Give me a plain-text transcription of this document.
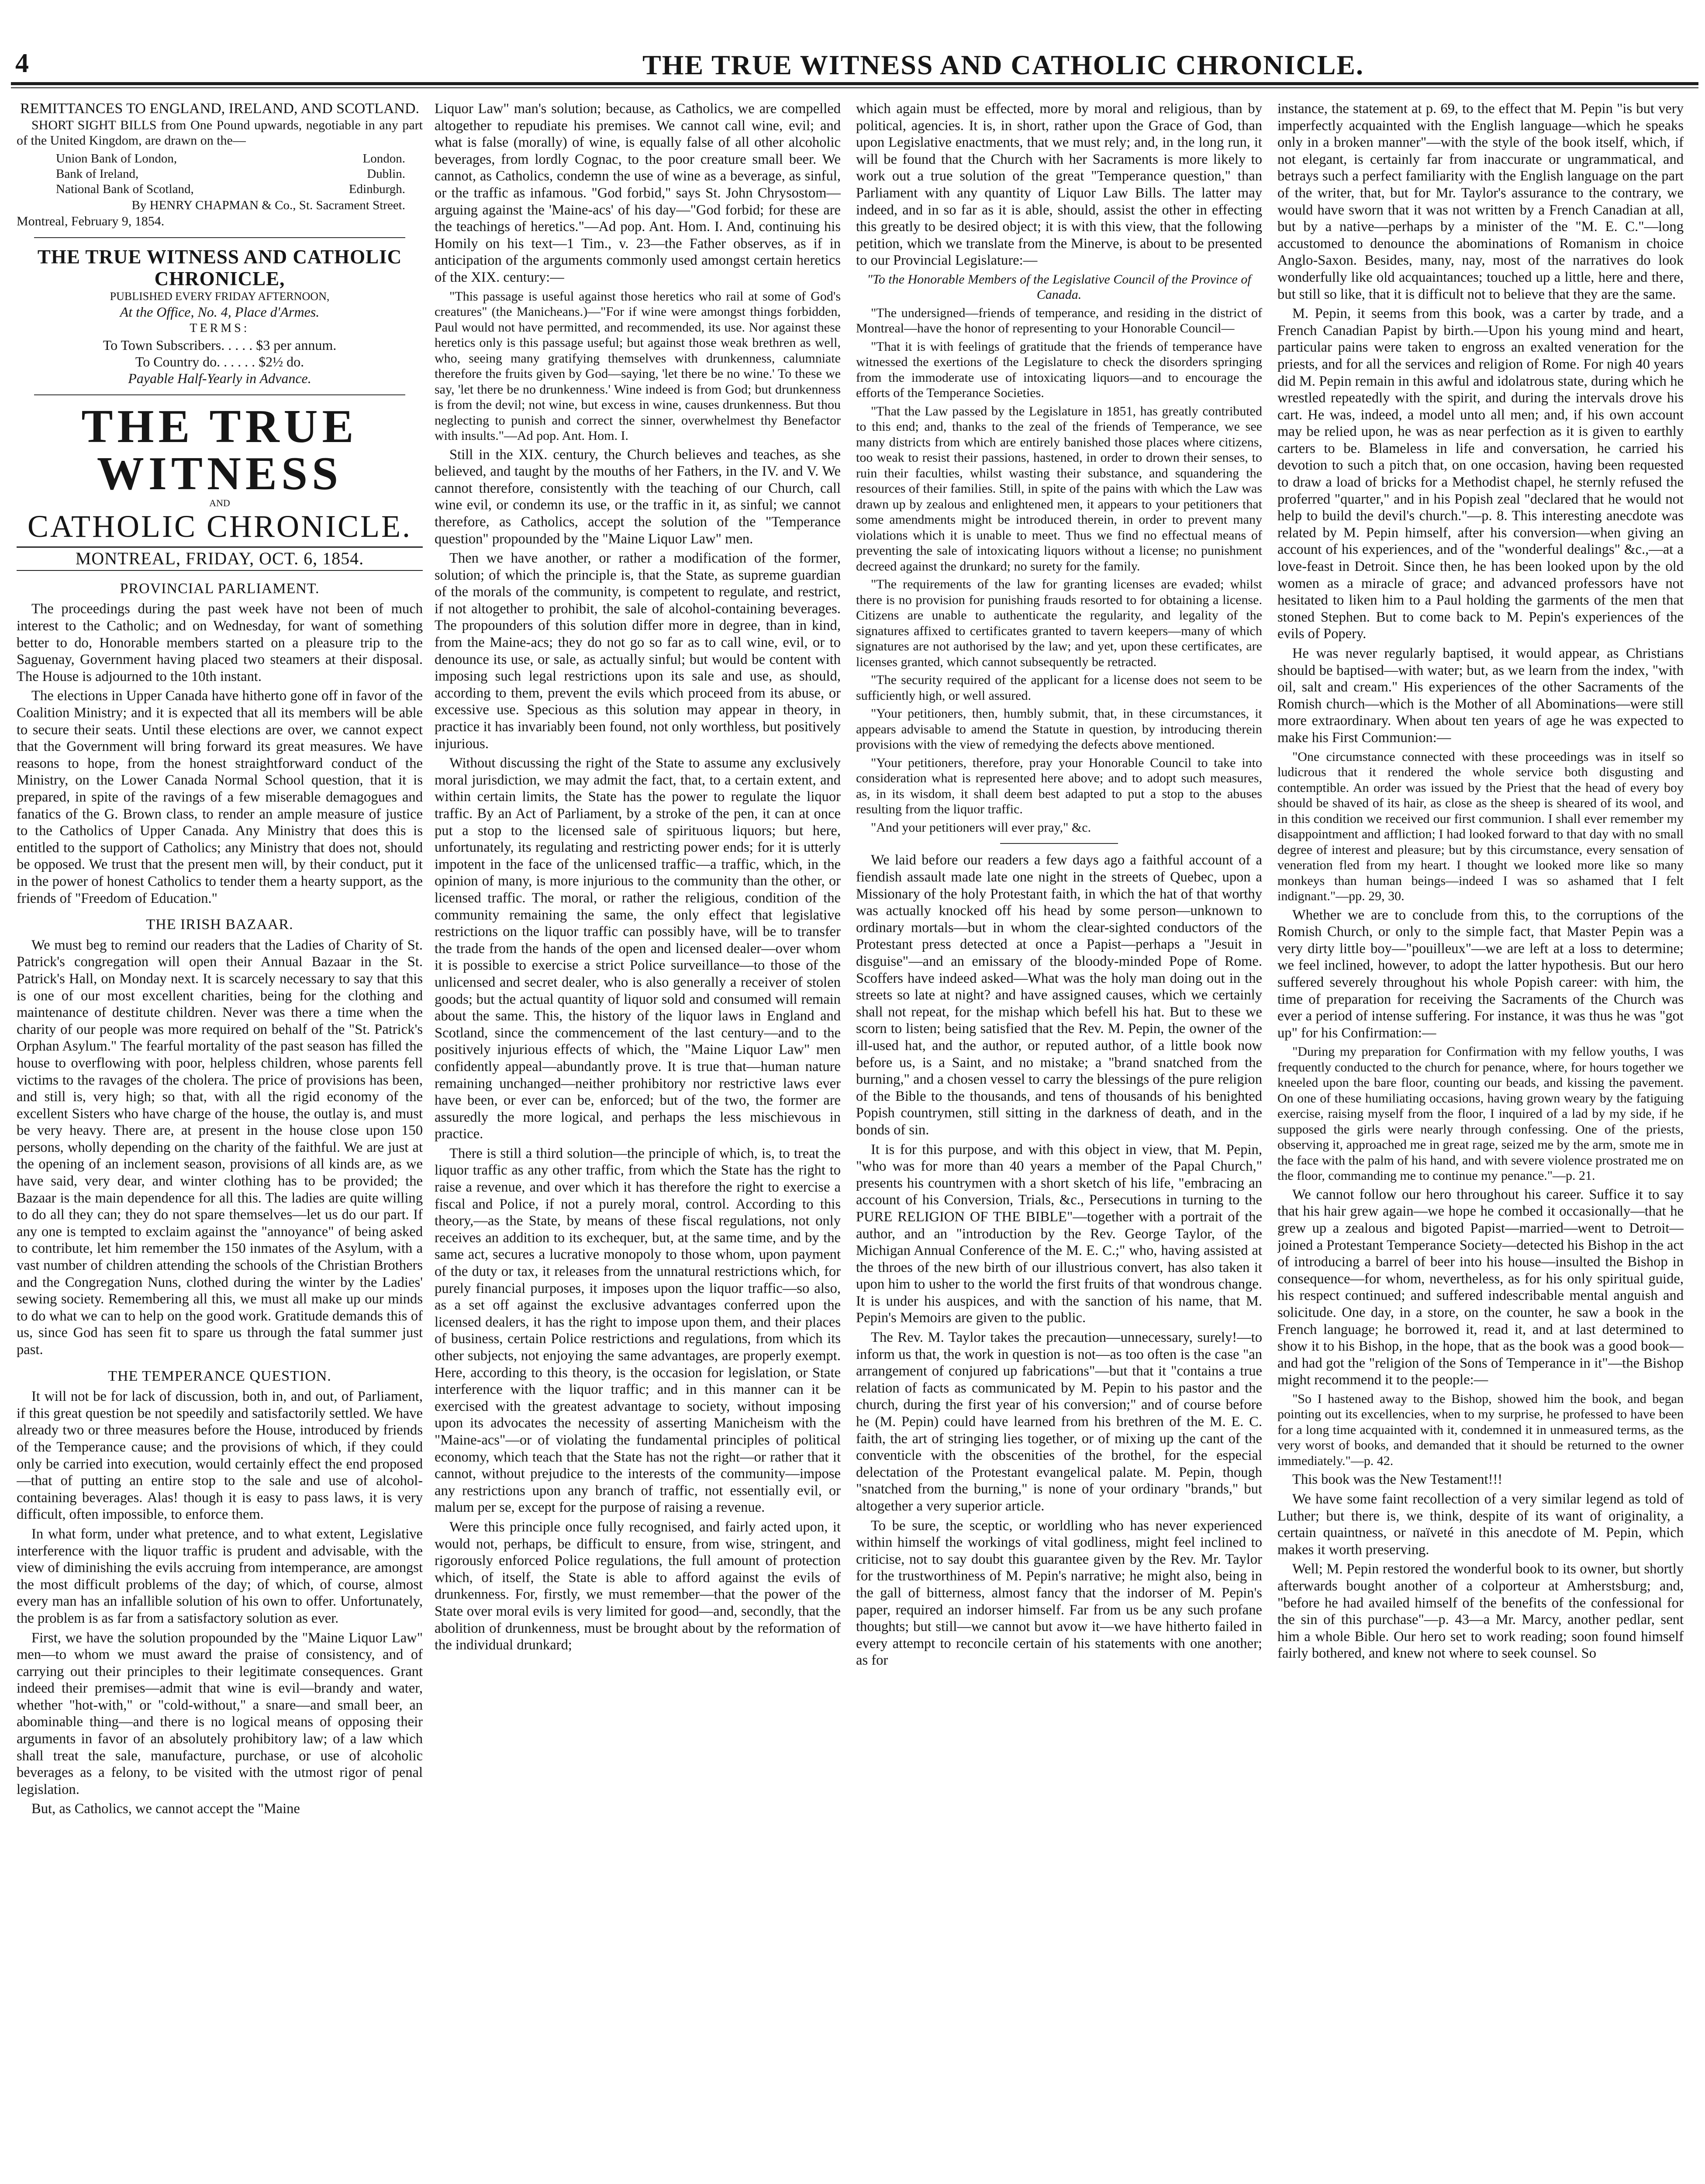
4	THE TRUE WITNESS AND CATHOLIC CHRONICLE.
REMITTANCES TO ENGLAND, IRELAND, AND SCOTLAND.

SHORT SIGHT BILLS from One Pound upwards, negotiable in any part of the United Kingdom, are drawn on the—

Union Bank of London,	London.
Bank of Ireland,	Dublin.
National Bank of Scotland,	Edinburgh.
By HENRY CHAPMAN & Co., St. Sacrament Street.

Montreal, February 9, 1854.

THE TRUE WITNESS AND CATHOLIC CHRONICLE,
PUBLISHED EVERY FRIDAY AFTERNOON,
At the Office, No. 4, Place d'Armes.
TERMS:
To Town Subscribers. . . . . $3 per annum.
To Country do. . . . . . $2½ do.
Payable Half-Yearly in Advance.
THE TRUE WITNESS
AND
CATHOLIC CHRONICLE.
MONTREAL, FRIDAY, OCT. 6, 1854.
PROVINCIAL PARLIAMENT.

The proceedings during the past week have not been of much interest to the Catholic; and on Wednesday, for want of something better to do, Honorable members started on a pleasure trip to the Saguenay, Government having placed two steamers at their disposal. The House is adjourned to the 10th instant.

The elections in Upper Canada have hitherto gone off in favor of the Coalition Ministry; and it is expected that all its members will be able to secure their seats. Until these elections are over, we cannot expect that the Government will bring forward its great measures. We have reasons to hope, from the honest straightforward conduct of the Ministry, on the Lower Canada Normal School question, that it is prepared, in spite of the ravings of a few miserable demagogues and fanatics of the G. Brown class, to render an ample measure of justice to the Catholics of Upper Canada. Any Ministry that does this is entitled to the support of Catholics; any Ministry that does not, should be opposed. We trust that the present men will, by their conduct, put it in the power of honest Catholics to tender them a hearty support, as the friends of "Freedom of Education."

THE IRISH BAZAAR.

We must beg to remind our readers that the Ladies of Charity of St. Patrick's congregation will open their Annual Bazaar in the St. Patrick's Hall, on Monday next. It is scarcely necessary to say that this is one of our most excellent charities, being for the clothing and maintenance of destitute children. Never was there a time when the charity of our people was more required on behalf of the "St. Patrick's Orphan Asylum." The fearful mortality of the past season has filled the house to overflowing with poor, helpless children, whose parents fell victims to the ravages of the cholera. The price of provisions has been, and still is, very high; so that, with all the rigid economy of the excellent Sisters who have charge of the house, the outlay is, and must be very heavy. There are, at present in the house close upon 150 persons, wholly depending on the charity of the faithful. We are just at the opening of an inclement season, provisions of all kinds are, as we have said, very dear, and winter clothing has to be provided; the Bazaar is the main dependence for all this. The ladies are quite willing to do all they can; they do not spare themselves—let us do our part. If any one is tempted to exclaim against the "annoyance" of being asked to contribute, let him remember the 150 inmates of the Asylum, with a vast number of children attending the schools of the Christian Brothers and the Congregation Nuns, clothed during the winter by the Ladies' sewing society. Remembering all this, we must all make up our minds to do what we can to help on the good work. Gratitude demands this of us, since God has seen fit to spare us through the fatal summer just past.

THE TEMPERANCE QUESTION.

It will not be for lack of discussion, both in, and out, of Parliament, if this great question be not speedily and satisfactorily settled. We have already two or three measures before the House, introduced by friends of the Temperance cause; and the provisions of which, if they could only be carried into execution, would certainly effect the end proposed—that of putting an entire stop to the sale and use of alcohol-containing beverages. Alas! though it is easy to pass laws, it is very difficult, often impossible, to enforce them.

In what form, under what pretence, and to what extent, Legislative interference with the liquor traffic is prudent and advisable, with the view of diminishing the evils accruing from intemperance, are amongst the most difficult problems of the day; of which, of course, almost every man has an infallible solution of his own to offer. Unfortunately, the problem is as far from a satisfactory solution as ever.

First, we have the solution propounded by the "Maine Liquor Law" men—to whom we must award the praise of consistency, and of carrying out their principles to their legitimate consequences. Grant indeed their premises—admit that wine is evil—brandy and water, whether "hot-with," or "cold-without," a snare—and small beer, an abominable thing—and there is no logical means of opposing their arguments in favor of an absolutely prohibitory law; of a law which shall treat the sale, manufacture, purchase, or use of alcoholic beverages as a felony, to be visited with the utmost rigor of penal legislation.

But, as Catholics, we cannot accept the "Maine

Liquor Law" man's solution; because, as Catholics, we are compelled altogether to repudiate his premises. We cannot call wine, evil; and what is false (morally) of wine, is equally false of all other alcoholic beverages, from lordly Cognac, to the poor creature small beer. We cannot, as Catholics, condemn the use of wine as a beverage, as sinful, or the traffic as infamous. "God forbid," says St. John Chrysostom—arguing against the 'Maine-acs' of his day—"God forbid; for these are the teachings of heretics."—Ad pop. Ant. Hom. I. And, continuing his Homily on his text—1 Tim., v. 23—the Father observes, as if in anticipation of the arguments commonly used amongst certain heretics of the XIX. century:—

"This passage is useful against those heretics who rail at some of God's creatures" (the Manicheans.)—"For if wine were amongst things forbidden, Paul would not have permitted, and recommended, its use. Nor against these heretics only is this passage useful; but against those weak brethren as well, who, seeing many gratifying themselves with drunkenness, calumniate therefore the fruits given by God—saying, 'let there be no wine.' To these we say, 'let there be no drunkenness.' Wine indeed is from God; but drunkenness is from the devil; not wine, but excess in wine, causes drunkenness. But thou neglecting to punish and correct the sinner, overwhelmest thy Benefactor with insults."—Ad pop. Ant. Hom. I.

Still in the XIX. century, the Church believes and teaches, as she believed, and taught by the mouths of her Fathers, in the IV. and V. We cannot therefore, consistently with the teaching of our Church, call wine evil, or condemn its use, or the traffic in it, as sinful; we cannot therefore, as Catholics, accept the solution of the "Temperance question" propounded by the "Maine Liquor Law" men.

Then we have another, or rather a modification of the former, solution; of which the principle is, that the State, as supreme guardian of the morals of the community, is competent to regulate, and restrict, if not altogether to prohibit, the sale of alcohol-containing beverages. The propounders of this solution differ more in degree, than in kind, from the Maine-acs; they do not go so far as to call wine, evil, or to denounce its use, or sale, as actually sinful; but would be content with imposing such legal restrictions upon its sale and use, as should, according to them, prevent the evils which proceed from its abuse, or excessive use. Specious as this solution may appear in theory, in practice it has invariably been found, not only worthless, but positively injurious.

Without discussing the right of the State to assume any exclusively moral jurisdiction, we may admit the fact, that, to a certain extent, and within certain limits, the State has the power to regulate the liquor traffic. By an Act of Parliament, by a stroke of the pen, it can at once put a stop to the licensed sale of spirituous liquors; but here, unfortunately, its regulating and restricting power ends; for it is utterly impotent in the face of the unlicensed traffic—a traffic, which, in the opinion of many, is more injurious to the community than the other, or licensed traffic. The moral, or rather the religious, condition of the community remaining the same, the only effect that legislative restrictions on the liquor traffic can possibly have, will be to transfer the trade from the hands of the open and licensed dealer—over whom it is possible to exercise a strict Police surveillance—to those of the unlicensed and secret dealer, who is also generally a receiver of stolen goods; but the actual quantity of liquor sold and consumed will remain about the same. This, the history of the liquor laws in England and Scotland, since the commencement of the last century—and to the positively injurious effects of which, the "Maine Liquor Law" men confidently appeal—abundantly prove. It is true that—human nature remaining unchanged—neither prohibitory nor restrictive laws ever have been, or ever can be, enforced; but of the two, the former are assuredly the more logical, and perhaps the less mischievous in practice.

There is still a third solution—the principle of which, is, to treat the liquor traffic as any other traffic, from which the State has the right to raise a revenue, and over which it has therefore the right to exercise a fiscal and Police, if not a purely moral, control. According to this theory,—as the State, by means of these fiscal regulations, not only receives an addition to its exchequer, but, at the same time, and by the same act, secures a lucrative monopoly to those whom, upon payment of the duty or tax, it releases from the unnatural restrictions which, for purely financial purposes, it imposes upon the liquor traffic—so also, as a set off against the exclusive advantages conferred upon the licensed dealers, it has the right to impose upon them, and their places of business, certain Police restrictions and regulations, from which its other subjects, not enjoying the same advantages, are properly exempt. Here, according to this theory, is the occasion for legislation, or State interference with the liquor traffic; and in this manner can it be exercised with the greatest advantage to society, without imposing upon its advocates the necessity of asserting Manicheism with the "Maine-acs"—or of violating the fundamental principles of political economy, which teach that the State has not the right—or rather that it cannot, without prejudice to the interests of the community—impose any restrictions upon any branch of traffic, not essentially evil, or malum per se, except for the purpose of raising a revenue.

Were this principle once fully recognised, and fairly acted upon, it would not, perhaps, be difficult to ensure, from wise, stringent, and rigorously enforced Police regulations, the full amount of protection which, of itself, the State is able to afford against the evils of drunkenness. For, firstly, we must remember—that the power of the State over moral evils is very limited for good—and, secondly, that the abolition of drunkenness, must be brought about by the reformation of the individual drunkard;

which again must be effected, more by moral and religious, than by political, agencies. It is, in short, rather upon the Grace of God, than upon Legislative enactments, that we must rely; and, in the long run, it will be found that the Church with her Sacraments is more likely to work out a true solution of the great "Temperance question," than Parliament with any quantity of Liquor Law Bills. The latter may indeed, and in so far as it is able, should, assist the other in effecting this greatly to be desired object; it is with this view, that the following petition, which we translate from the Minerve, is about to be presented to our Provincial Legislature:—

"To the Honorable Members of the Legislative Council of the Province of Canada.

"The undersigned—friends of temperance, and residing in the district of Montreal—have the honor of representing to your Honorable Council—

"That it is with feelings of gratitude that the friends of temperance have witnessed the exertions of the Legislature to check the disorders springing from the immoderate use of intoxicating liquors—and to encourage the efforts of the Temperance Societies.

"That the Law passed by the Legislature in 1851, has greatly contributed to this end; and, thanks to the zeal of the friends of Temperance, we see many districts from which are entirely banished those places where citizens, too weak to resist their passions, hastened, in order to drown their senses, to ruin their faculties, whilst wasting their substance, and squandering the resources of their families. Still, in spite of the pains with which the Law was drawn up by zealous and enlightened men, it appears to your petitioners that some amendments might be introduced therein, in order to prevent many violations which it is unable to meet. Thus we find no effectual means of preventing the sale of intoxicating liquors without a license; no punishment decreed against the drunkard; no surety for the family.

"The requirements of the law for granting licenses are evaded; whilst there is no provision for punishing frauds resorted to for obtaining a license. Citizens are unable to authenticate the regularity, and legality of the signatures affixed to certificates granted to tavern keepers—many of which signatures are not authorised by the law; and yet, upon these certificates, are licenses granted, which cannot subsequently be retracted.

"The security required of the applicant for a license does not seem to be sufficiently high, or well assured.

"Your petitioners, then, humbly submit, that, in these circumstances, it appears advisable to amend the Statute in question, by introducing therein provisions with the view of remedying the defects above mentioned.

"Your petitioners, therefore, pray your Honorable Council to take into consideration what is represented here above; and to adopt such measures, as, in its wisdom, it shall deem best adapted to put a stop to the abuses resulting from the liquor traffic.

"And your petitioners will ever pray," &c.

We laid before our readers a few days ago a faithful account of a fiendish assault made late one night in the streets of Quebec, upon a Missionary of the holy Protestant faith, in which the hat of that worthy was actually knocked off his head by some person—unknown to ordinary mortals—but in whom the clear-sighted conductors of the Protestant press detected at once a Papist—perhaps a "Jesuit in disguise"—and an emissary of the bloody-minded Pope of Rome. Scoffers have indeed asked—What was the holy man doing out in the streets so late at night? and have assigned causes, which we certainly shall not repeat, for the mishap which befell his hat. But to these we scorn to listen; being satisfied that the Rev. M. Pepin, the owner of the ill-used hat, and the author, or reputed author, of a little book now before us, is a Saint, and no mistake; a "brand snatched from the burning," and a chosen vessel to carry the blessings of the pure religion of the Bible to the thousands, and tens of thousands of his benighted Popish countrymen, still sitting in the darkness of death, and in the bonds of sin.

It is for this purpose, and with this object in view, that M. Pepin, "who was for more than 40 years a member of the Papal Church," presents his countrymen with a short sketch of his life, "embracing an account of his Conversion, Trials, &c., Persecutions in turning to the PURE RELIGION OF THE BIBLE"—together with a portrait of the author, and an "introduction by the Rev. George Taylor, of the Michigan Annual Conference of the M. E. C.;" who, having assisted at the throes of the new birth of our illustrious convert, has also taken it upon him to usher to the world the first fruits of that wondrous change. It is under his auspices, and with the sanction of his name, that M. Pepin's Memoirs are given to the public.

The Rev. M. Taylor takes the precaution—unnecessary, surely!—to inform us that, the work in question is not—as too often is the case "an arrangement of conjured up fabrications"—but that it "contains a true relation of facts as communicated by M. Pepin to his pastor and the church, during the first year of his conversion;" and of course before he (M. Pepin) could have learned from his brethren of the M. E. C. faith, the art of stringing lies together, or of mixing up the cant of the conventicle with the obscenities of the brothel, for the especial delectation of the Protestant evangelical palate. M. Pepin, though "snatched from the burning," is none of your ordinary "brands," but altogether a very superior article.

To be sure, the sceptic, or worldling who has never experienced within himself the workings of vital godliness, might feel inclined to criticise, not to say doubt this guarantee given by the Rev. Mr. Taylor for the trustworthiness of M. Pepin's narrative; he might also, being in the gall of bitterness, almost fancy that the indorser of M. Pepin's paper, required an indorser himself. Far from us be any such profane thoughts; but still—we cannot but avow it—we have hitherto failed in every attempt to reconcile certain of his statements with one another; as for

instance, the statement at p. 69, to the effect that M. Pepin "is but very imperfectly acquainted with the English language—which he speaks only in a broken manner"—with the style of the book itself, which, if not elegant, is certainly far from inaccurate or ungrammatical, and betrays such a perfect familiarity with the English language on the part of the writer, that, but for Mr. Taylor's assurance to the contrary, we would have sworn that it was not written by a French Canadian at all, but by a native—perhaps by a minister of the "M. E. C."—long accustomed to denounce the abominations of Romanism in choice Anglo-Saxon. Besides, many, nay, most of the narratives do look wonderfully like old acquaintances; touched up a little, here and there, but still so like, that it is difficult not to believe that they are the same.

M. Pepin, it seems from this book, was a carter by trade, and a French Canadian Papist by birth.—Upon his young mind and heart, particular pains were taken to engross an exalted veneration for the priests, and for all the services and religion of Rome. For nigh 40 years did M. Pepin remain in this awful and idolatrous state, during which he wrestled repeatedly with the spirit, and during the intervals drove his cart. He was, indeed, a model unto all men; and, if his own account may be relied upon, he was as near perfection as it is given to earthly carters to be. Blameless in life and conversation, he carried his devotion to such a pitch that, on one occasion, having been requested to draw a load of bricks for a Methodist chapel, he sternly refused the proferred "quarter," and in his Popish zeal "declared that he would not help to build the devil's church."—p. 8. This interesting anecdote was related by M. Pepin himself, after his conversion—when giving an account of his experiences, and of the "wonderful dealings" &c.,—at a love-feast in Detroit. Since then, he has been looked upon by the old women as a miracle of grace; and advanced professors have not hesitated to liken him to a Paul holding the garments of the men that stoned Stephen. But to come back to M. Pepin's experiences of the evils of Popery.

He was never regularly baptised, it would appear, as Christians should be baptised—with water; but, as we learn from the index, "with oil, salt and cream." His experiences of the other Sacraments of the Romish church—which is the Mother of all Abominations—were still more extraordinary. When about ten years of age he was expected to make his First Communion:—

"One circumstance connected with these proceedings was in itself so ludicrous that it rendered the whole service both disgusting and contemptible. An order was issued by the Priest that the head of every boy should be shaved of its hair, as close as the sheep is sheared of its wool, and in this condition we received our first communion. I shall ever remember my disappointment and affliction; I had looked forward to that day with no small degree of interest and pleasure; but by this circumstance, every sensation of veneration fled from my heart. I thought we looked more like so many monkeys than human beings—indeed I was so ashamed that I felt indignant."—pp. 29, 30.

Whether we are to conclude from this, to the corruptions of the Romish Church, or only to the simple fact, that Master Pepin was a very dirty little boy—"pouilleux"—we are left at a loss to determine; we feel inclined, however, to adopt the latter hypothesis. But our hero suffered severely throughout his whole Popish career: with him, the time of preparation for receiving the Sacraments of the Church was ever a period of intense suffering. For instance, it was thus he was "got up" for his Confirmation:—

"During my preparation for Confirmation with my fellow youths, I was frequently conducted to the church for penance, where, for hours together we kneeled upon the bare floor, counting our beads, and kissing the pavement. On one of these humiliating occasions, having grown weary by the fatiguing exercise, raising myself from the floor, I inquired of a lad by my side, if he supposed the girls were nearly through confessing. One of the priests, observing it, approached me in great rage, seized me by the arm, smote me in the face with the palm of his hand, and with severe violence prostrated me on the floor, commanding me to continue my penance."—p. 21.

We cannot follow our hero throughout his career. Suffice it to say that his hair grew again—we hope he combed it occasionally—that he grew up a zealous and bigoted Papist—married—went to Detroit—joined a Protestant Temperance Society—detected his Bishop in the act of introducing a barrel of beer into his house—insulted the Bishop in consequence—for whom, nevertheless, as for his only spiritual guide, his respect continued; and suffered indescribable mental anguish and solicitude. One day, in a store, on the counter, he saw a book in the French language; he borrowed it, read it, and at last determined to show it to his Bishop, in the hope, that as the book was a good book—and had got the "religion of the Sons of Temperance in it"—the Bishop might recommend it to the people:—

"So I hastened away to the Bishop, showed him the book, and began pointing out its excellencies, when to my surprise, he professed to have been for a long time acquainted with it, condemned it in unmeasured terms, as the very worst of books, and demanded that it should be returned to the owner immediately."—p. 42.

This book was the New Testament!!!

We have some faint recollection of a very similar legend as told of Luther; but there is, we think, despite of its want of originality, a certain quaintness, or naïveté in this anecdote of M. Pepin, which makes it worth preserving.

Well; M. Pepin restored the wonderful book to its owner, but shortly afterwards bought another of a colporteur at Amherstsburg; and, "before he had availed himself of the benefits of the confessional for the sin of this purchase"—p. 43—a Mr. Marcy, another pedlar, sent him a whole Bible. Our hero set to work reading; soon found himself fairly bothered, and knew not where to seek counsel. So
